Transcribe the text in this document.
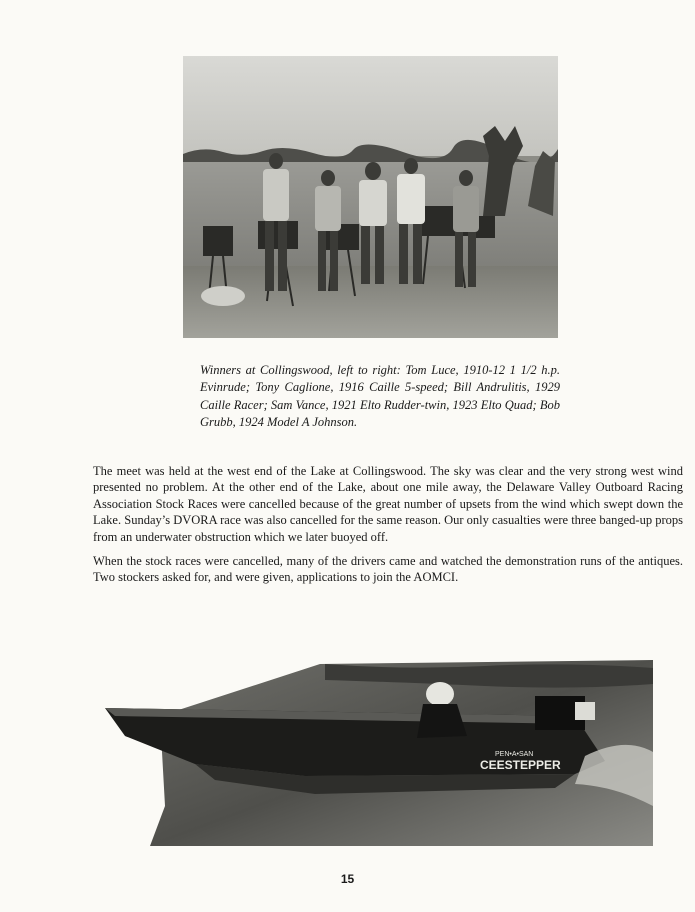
Winners at Collingswood, left to right: Tom Luce, 1910-12 1 1/2 h.p. Evinrude; Tony Caglione, 1916 Caille 5-speed; Bill Andrulitis, 1929 Caille Racer; Sam Vance, 1921 Elto Rudder-twin, 1923 Elto Quad; Bob Grubb, 1924 Model A Johnson.

The meet was held at the west end of the Lake at Collingswood. The sky was clear and the very strong west wind presented no problem. At the other end of the Lake, about one mile away, the Delaware Valley Outboard Racing Association Stock Races were cancelled because of the great number of upsets from the wind which swept down the Lake. Sunday’s DVORA race was also cancelled for the same reason. Our only casualties were three banged-up props from an underwater obstruction which we later buoyed off.

When the stock races were cancelled, many of the drivers came and watched the demonstration runs of the antiques. Two stockers asked for, and were given, applications to join the AOMCI.

PEN•A•SAN
CEESTEPPER
15
